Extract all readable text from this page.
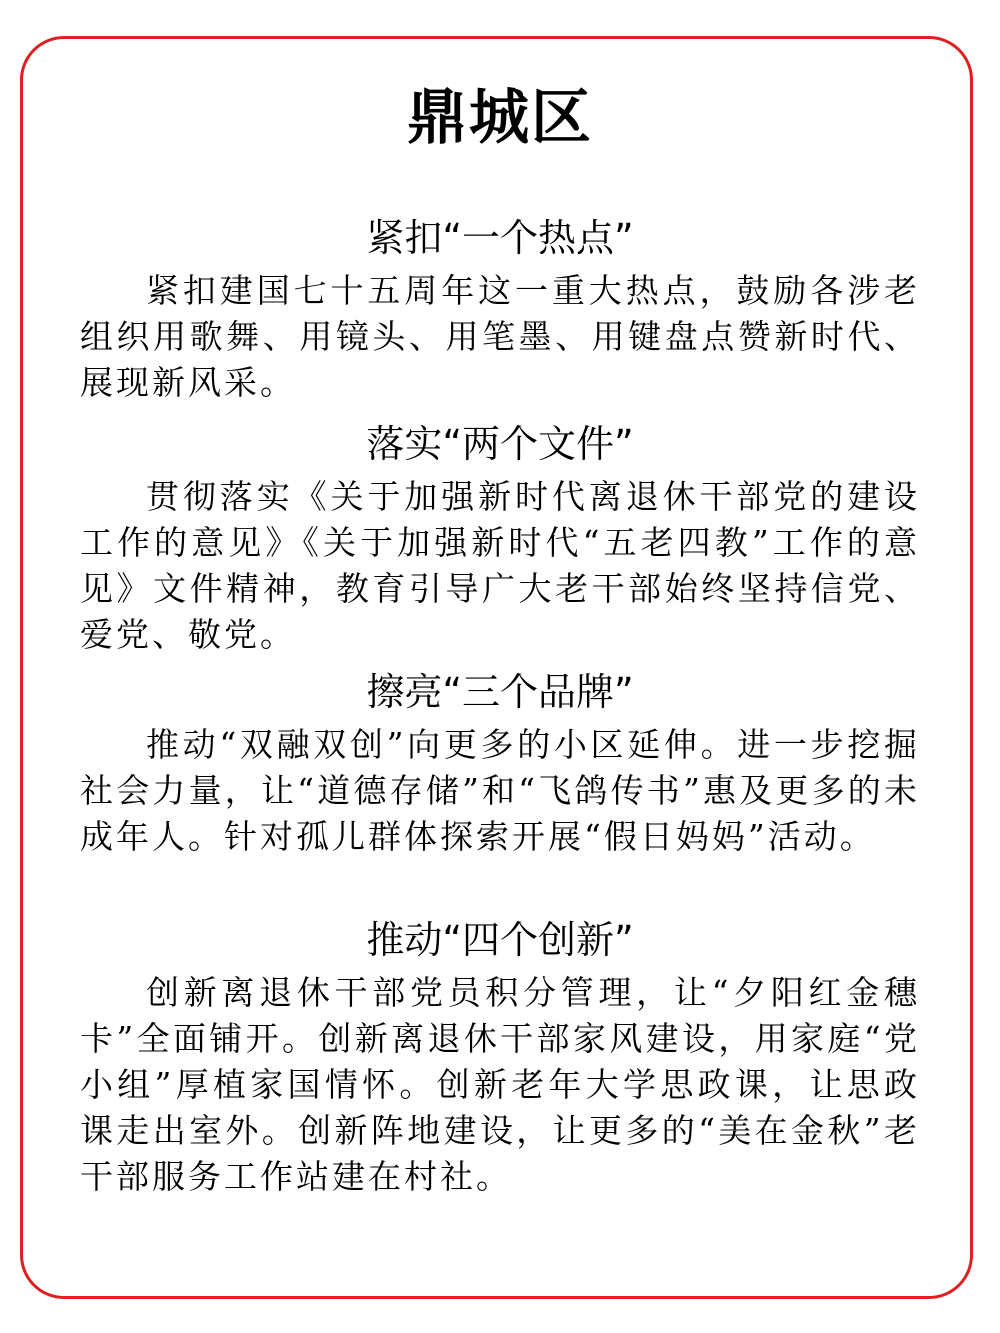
鼎城区
紧扣“一个热点”

紧扣建国七十五周年这一重大热点，鼓励各涉老组织用歌舞、用镜头、用笔墨、用键盘点赞新时代、展现新风采。

落实“两个文件”

贯彻落实《关于加强新时代离退休干部党的建设工作的意见》《关于加强新时代“五老四教”工作的意见》文件精神，教育引导广大老干部始终坚持信党、爱党、敬党。

擦亮“三个品牌”

推动“双融双创”向更多的小区延伸。进一步挖掘社会力量，让“道德存储”和“飞鸽传书”惠及更多的未成年人。针对孤儿群体探索开展“假日妈妈”活动。

推动“四个创新”

创新离退休干部党员积分管理，让“夕阳红金穗卡”全面铺开。创新离退休干部家风建设，用家庭“党小组”厚植家国情怀。创新老年大学思政课，让思政课走出室外。创新阵地建设，让更多的“美在金秋”老干部服务工作站建在村社。
